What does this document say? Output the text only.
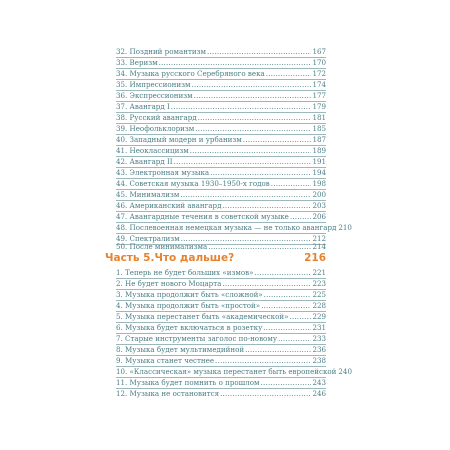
32. Поздний романтизм .....	167
33. Веризм .....	170
34. Музыка русского Серебряного века .....	172
35. Импрессионизм .....	174
36. Экспрессионизм .....	177
37. Авангард I .....	179
38. Русский авангард .....	181
39. Неофольклоризм .....	185
40. Западный модерн и урбанизм .....	187
41. Неоклассицизм .....	189
42. Авангард II .....	191
43. Электронная музыка .....	194
44. Советская музыка 1930–1950-х годов .....	198
45. Минимализм .....	200
46. Американский авангард .....	203
47. Авангардные течения в советской музыке .....	206
48. Послевоенная немецкая музыка — не только авангард 210
49. Спектрализм .....	212
50. После минимализма .....	214
Часть 5.Что дальше?	216
1. Теперь не будет больших «измов» .....	221
2. Не будет нового Моцарта .....	223
3. Музыка продолжит быть «сложной» .....	225
4. Музыка продолжит быть «простой» .....	228
5. Музыка перестанет быть «академической» .....	229
6. Музыка будет включаться в розетку .....	231
7. Старые инструменты заголос по-новому .....	233
8. Музыка будет мультимедийной .....	236
9. Музыка станет честнее .....	238
10. «Классическая» музыка перестанет быть европейской 240
11. Музыка будет помнить о прошлом .....	243
12. Музыка не остановится .....	246
